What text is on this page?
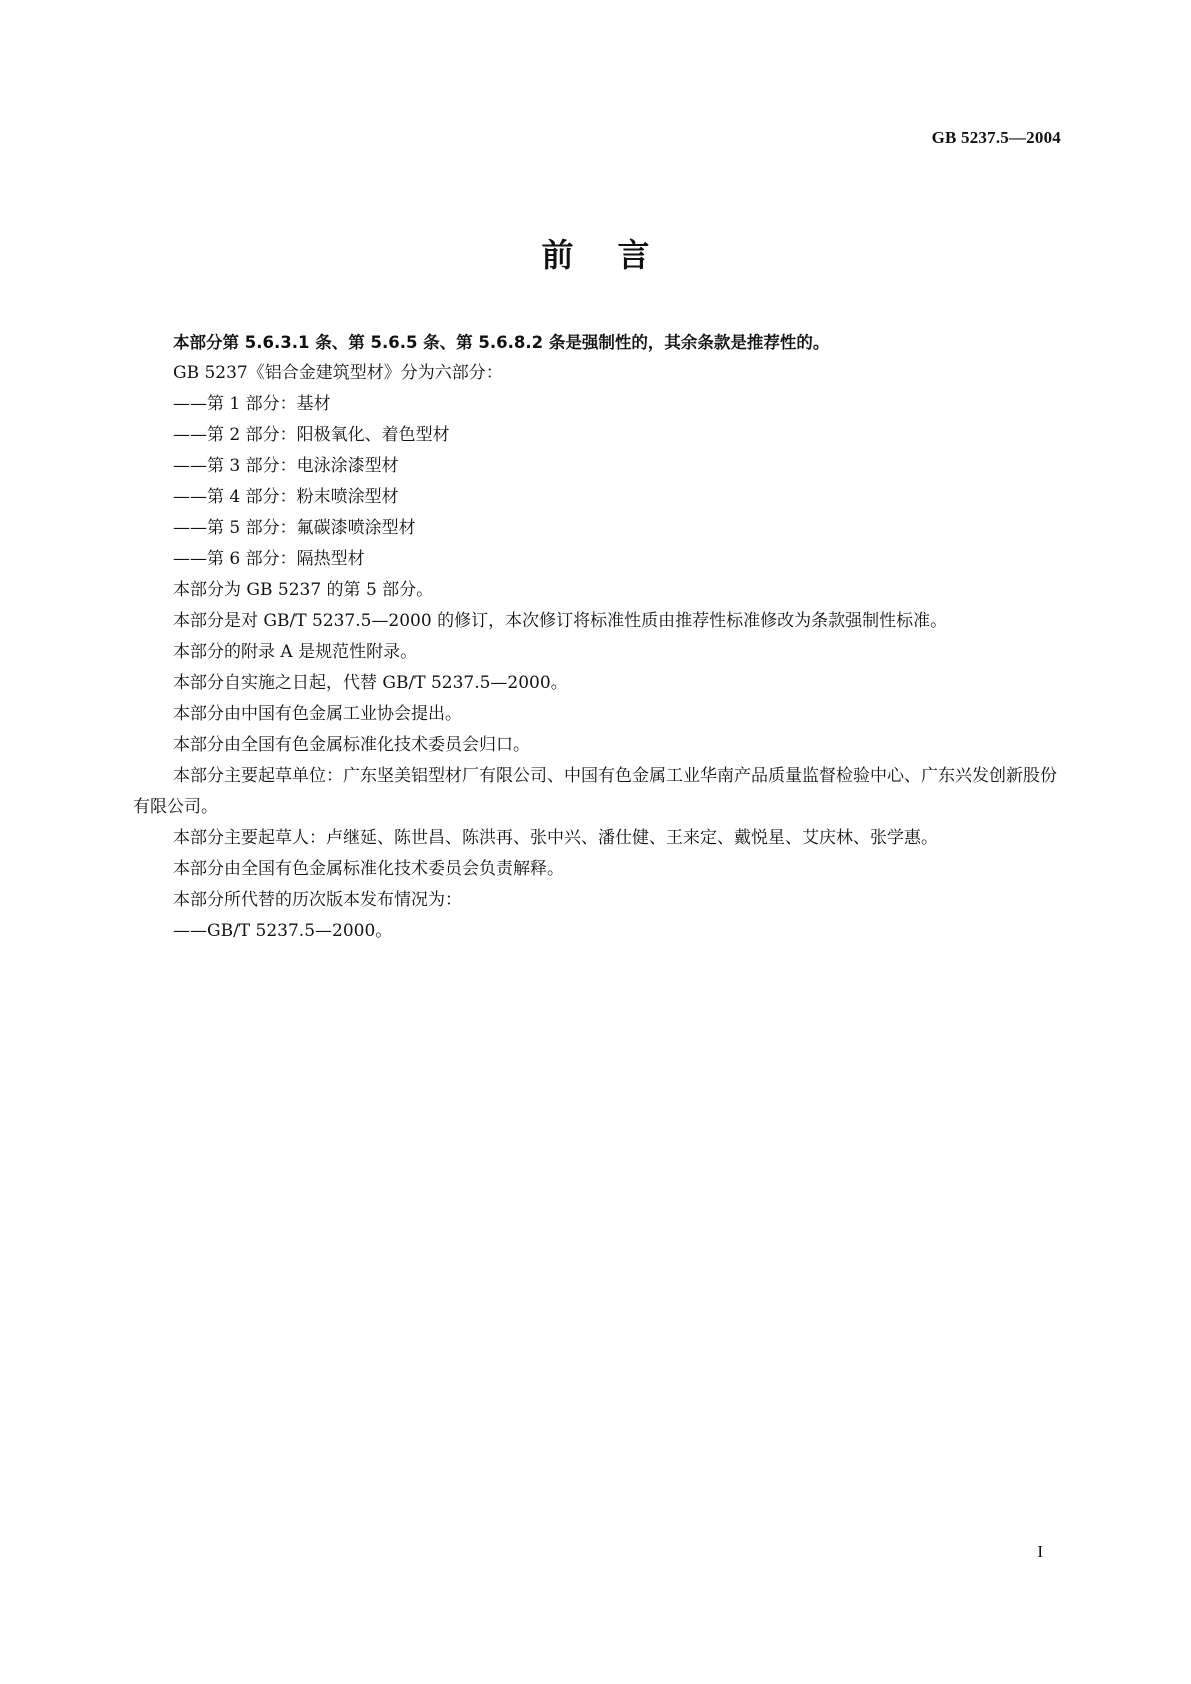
GB 5237.5—2004
前言

本部分第 5.6.3.1 条、第 5.6.5 条、第 5.6.8.2 条是强制性的，其余条款是推荐性的。

GB 5237《铝合金建筑型材》分为六部分：

——第 1 部分：基材

——第 2 部分：阳极氧化、着色型材

——第 3 部分：电泳涂漆型材

——第 4 部分：粉末喷涂型材

——第 5 部分：氟碳漆喷涂型材

——第 6 部分：隔热型材

本部分为 GB 5237 的第 5 部分。

本部分是对 GB/T 5237.5—2000 的修订，本次修订将标准性质由推荐性标准修改为条款强制性标准。

本部分的附录 A 是规范性附录。

本部分自实施之日起，代替 GB/T 5237.5—2000。

本部分由中国有色金属工业协会提出。

本部分由全国有色金属标准化技术委员会归口。

本部分主要起草单位：广东坚美铝型材厂有限公司、中国有色金属工业华南产品质量监督检验中心、广东兴发创新股份有限公司。

本部分主要起草人：卢继延、陈世昌、陈洪再、张中兴、潘仕健、王来定、戴悦星、艾庆林、张学惠。

本部分由全国有色金属标准化技术委员会负责解释。

本部分所代替的历次版本发布情况为：

——GB/T 5237.5—2000。

I
